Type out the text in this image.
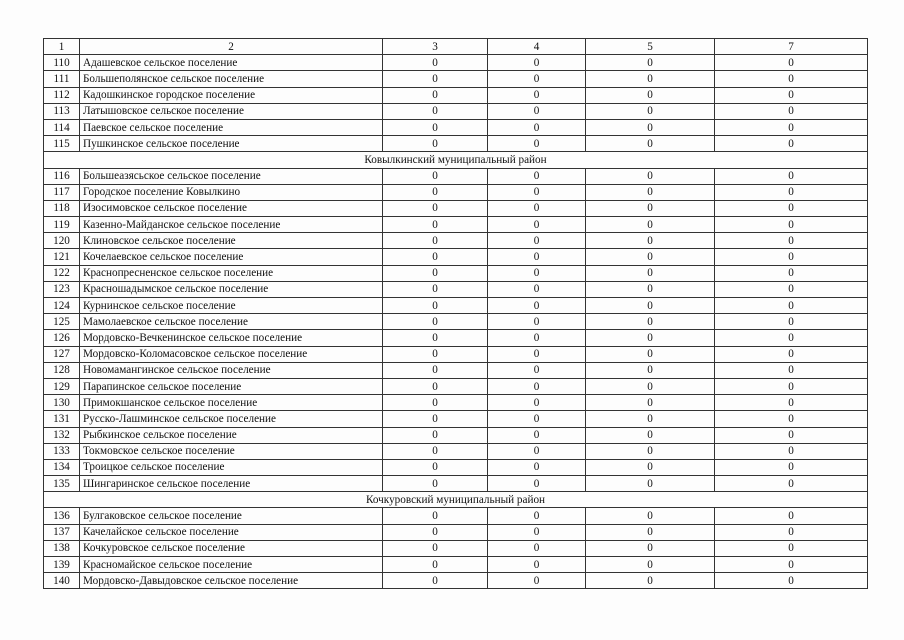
1	2	3	4	5	7
110	Адашевское сельское поселение	0	0	0	0
111	Большеполянское сельское поселение	0	0	0	0
112	Кадошкинское городское поселение	0	0	0	0
113	Латышовское сельское поселение	0	0	0	0
114	Паевское сельское поселение	0	0	0	0
115	Пушкинское сельское поселение	0	0	0	0
Ковылкинский муниципальный район					
116	Большеазясьское сельское поселение	0	0	0	0
117	Городское поселение Ковылкино	0	0	0	0
118	Изосимовское сельское поселение	0	0	0	0
119	Казенно-Майданское сельское поселение	0	0	0	0
120	Клиновское сельское поселение	0	0	0	0
121	Кочелаевское сельское поселение	0	0	0	0
122	Краснопресненское сельское поселение	0	0	0	0
123	Красношадымское сельское поселение	0	0	0	0
124	Курнинское сельское поселение	0	0	0	0
125	Мамолаевское сельское поселение	0	0	0	0
126	Мордовско-Вечкенинское сельское поселение	0	0	0	0
127	Мордовско-Коломасовское сельское поселение	0	0	0	0
128	Новомамангинское сельское поселение	0	0	0	0
129	Парапинское сельское поселение	0	0	0	0
130	Примокшанское сельское поселение	0	0	0	0
131	Русско-Лашминское сельское поселение	0	0	0	0
132	Рыбкинское сельское поселение	0	0	0	0
133	Токмовское сельское поселение	0	0	0	0
134	Троицкое сельское поселение	0	0	0	0
135	Шингаринское сельское поселение	0	0	0	0
Кочкуровский муниципальный район					
136	Булгаковское сельское поселение	0	0	0	0
137	Качелайское сельское поселение	0	0	0	0
138	Кочкуровское сельское поселение	0	0	0	0
139	Красномайское сельское поселение	0	0	0	0
140	Мордовско-Давыдовское сельское поселение	0	0	0	0
